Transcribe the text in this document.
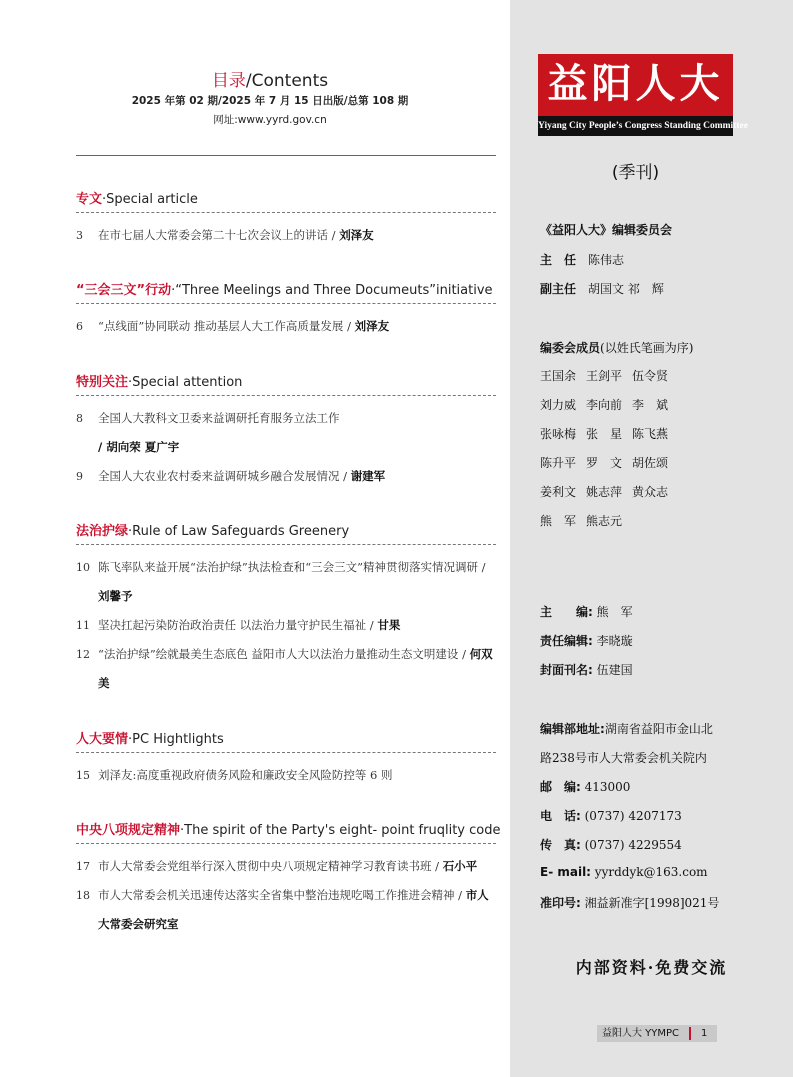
目录/Contents
2025 年第 02 期/2025 年 7 月 15 日出版/总第 108 期
网址:www.yyrd.gov.cn
专文·Special article
3	在市七届人大常委会第二十七次会议上的讲话 / 刘泽友
“三会三文”行动·“Three Meelings and Three Documeuts”initiative
6	“点线面”协同联动 推动基层人大工作高质量发展 / 刘泽友
特别关注·Special attention
8	全国人大教科文卫委来益调研托育服务立法工作
/ 胡向荣 夏广宇
9	全国人大农业农村委来益调研城乡融合发展情况 / 谢建军
法治护绿·Rule of Law Safeguards Greenery
10 陈飞率队来益开展“法治护绿”执法检查和“三会三文”精神贯彻落实情况调研 / 刘馨予
11 坚决扛起污染防治政治责任 以法治力量守护民生福祉 / 甘果
12 “法治护绿”绘就最美生态底色 益阳市人大以法治力量推动生态文明建设 / 何双美
人大要情·PC Hightlights
15 刘泽友:高度重视政府债务风险和廉政安全风险防控等 6 则
中央八项规定精神·The spirit of the Party's eight- point fruqlity code
17 市人大常委会党组举行深入贯彻中央八项规定精神学习教育读书班 / 石小平
18 市人大常委会机关迅速传达落实全省集中整治违规吃喝工作推进会精神 / 市人大常委会研究室
益阳人大
Yiyang City People’s Congress Standing Committee
(季刊)
《益阳人大》编辑委员会
主　任　 陈伟志
副主任　 胡国文 祁　辉
编委会成员(以姓氏笔画为序)
王国余 王剑平 伍令贤
刘力威 李向前 李　斌
张咏梅 张　星 陈飞燕
陈升平 罗　文 胡佐颂
姜利文 姚志萍 黄众志
熊　军 熊志元
主　　编: 熊　军
责任编辑: 李晓璇
封面刊名: 伍建国
编辑部地址:湖南省益阳市金山北
路238号市人大常委会机关院内
邮　编: 413000
电　话: (0737) 4207173
传　真: (0737) 4229554
E- mail: yyrddyk@163.com
准印号: 湘益新准字[1998]021号
内部资料·免费交流
益阳人大 YYMPC 1
